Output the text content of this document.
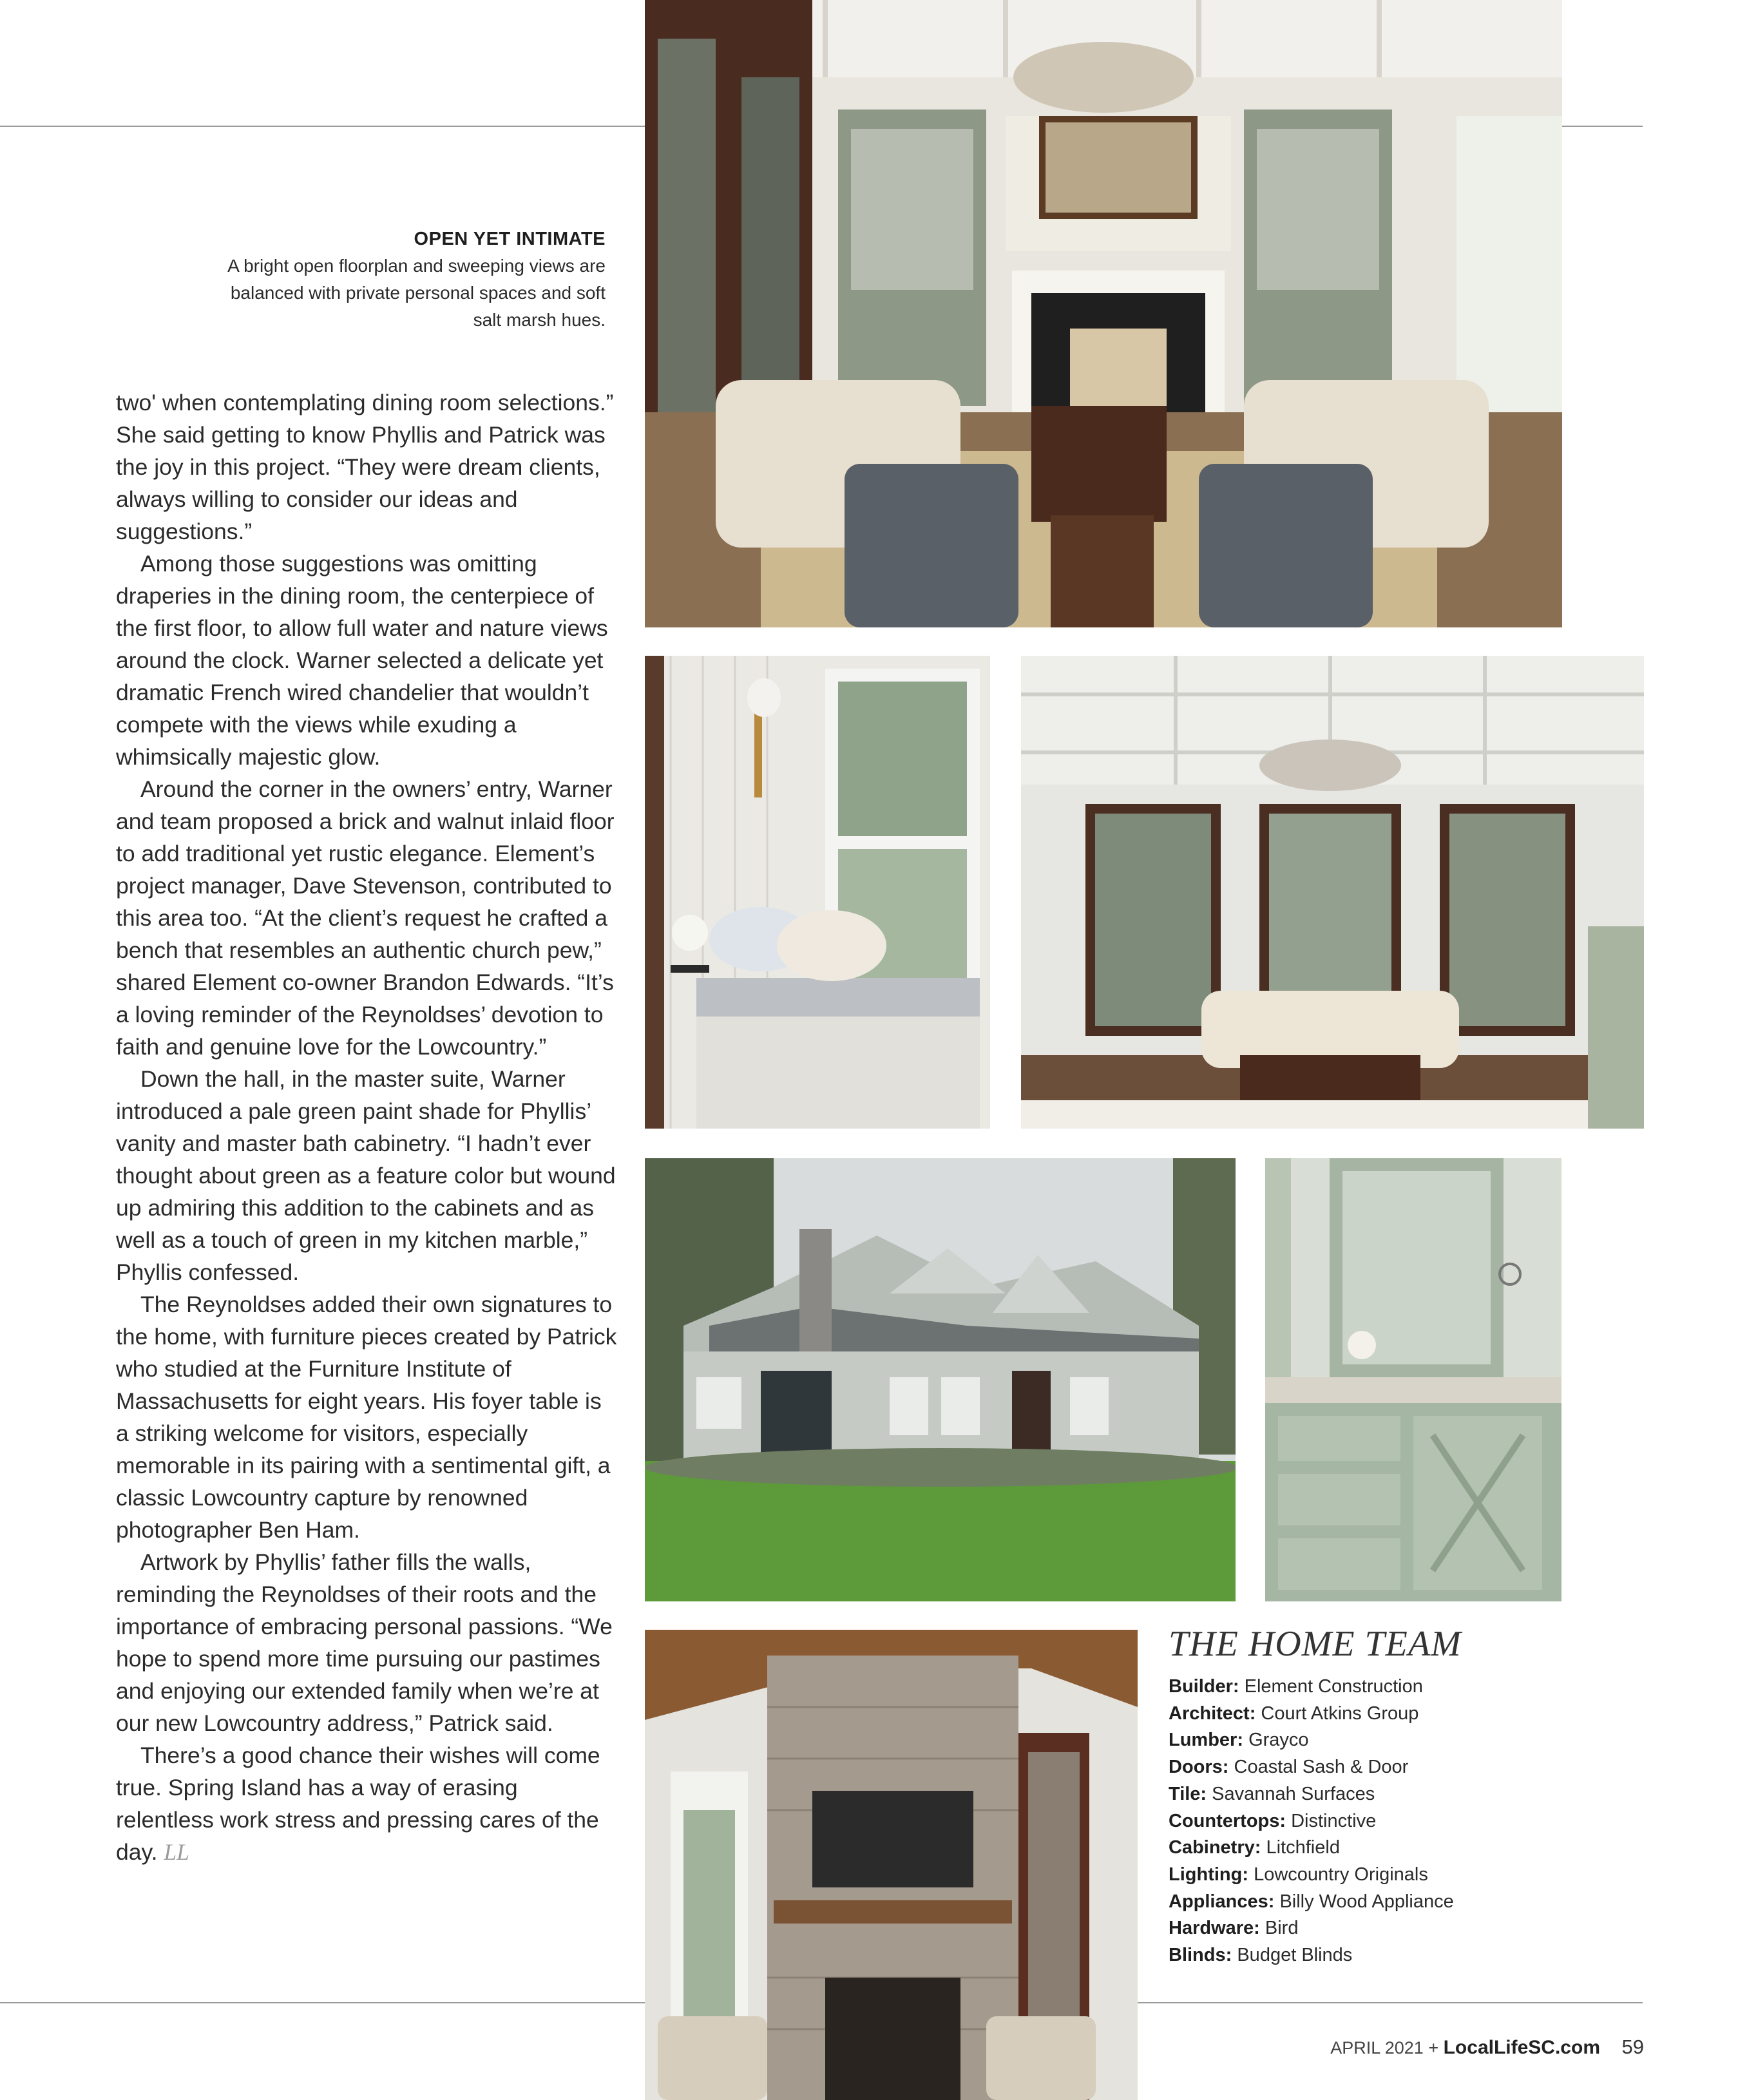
OPEN YET INTIMATE
A bright open floorplan and sweeping views are balanced with private personal spaces and soft salt marsh hues.

two' when contemplating dining room selections.” She said getting to know Phyllis and Patrick was the joy in this project. “They were dream clients, always willing to consider our ideas and suggestions.”

Among those suggestions was omitting draperies in the dining room, the centerpiece of the first floor, to allow full water and nature views around the clock. Warner selected a delicate yet dramatic French wired chandelier that wouldn’t compete with the views while exuding a whimsically majestic glow.

Around the corner in the owners’ entry, Warner and team proposed a brick and walnut inlaid floor to add traditional yet rustic elegance. Element’s project manager, Dave Stevenson, contributed to this area too. “At the client’s request he crafted a bench that resembles an authentic church pew,” shared Element co-owner Brandon Edwards. “It’s a loving reminder of the Reynoldses’ devotion to faith and genuine love for the Lowcountry.”

Down the hall, in the master suite, Warner introduced a pale green paint shade for Phyllis’ vanity and master bath cabinetry. “I hadn’t ever thought about green as a feature color but wound up admiring this addition to the cabinets and as well as a touch of green in my kitchen marble,” Phyllis confessed.

The Reynoldses added their own signatures to the home, with furniture pieces created by Patrick who studied at the Furniture Institute of Massachusetts for eight years. His foyer table is a striking welcome for visitors, especially memorable in its pairing with a sentimental gift, a classic Lowcountry capture by renowned photographer Ben Ham.

Artwork by Phyllis’ father fills the walls, reminding the Reynoldses of their roots and the importance of embracing personal passions. “We hope to spend more time pursuing our pastimes and enjoying our extended family when we’re at our new Lowcountry address,” Patrick said.

There’s a good chance their wishes will come true. Spring Island has a way of erasing relentless work stress and pressing cares of the day. LL

THE HOME TEAM
Builder: Element Construction
Architect: Court Atkins Group
Lumber: Grayco
Doors: Coastal Sash & Door
Tile: Savannah Surfaces
Countertops: Distinctive
Cabinetry: Litchfield
Lighting: Lowcountry Originals
Appliances: Billy Wood Appliance
Hardware: Bird
Blinds: Budget Blinds
APRIL 2021 + LocalLifeSC.com 59
